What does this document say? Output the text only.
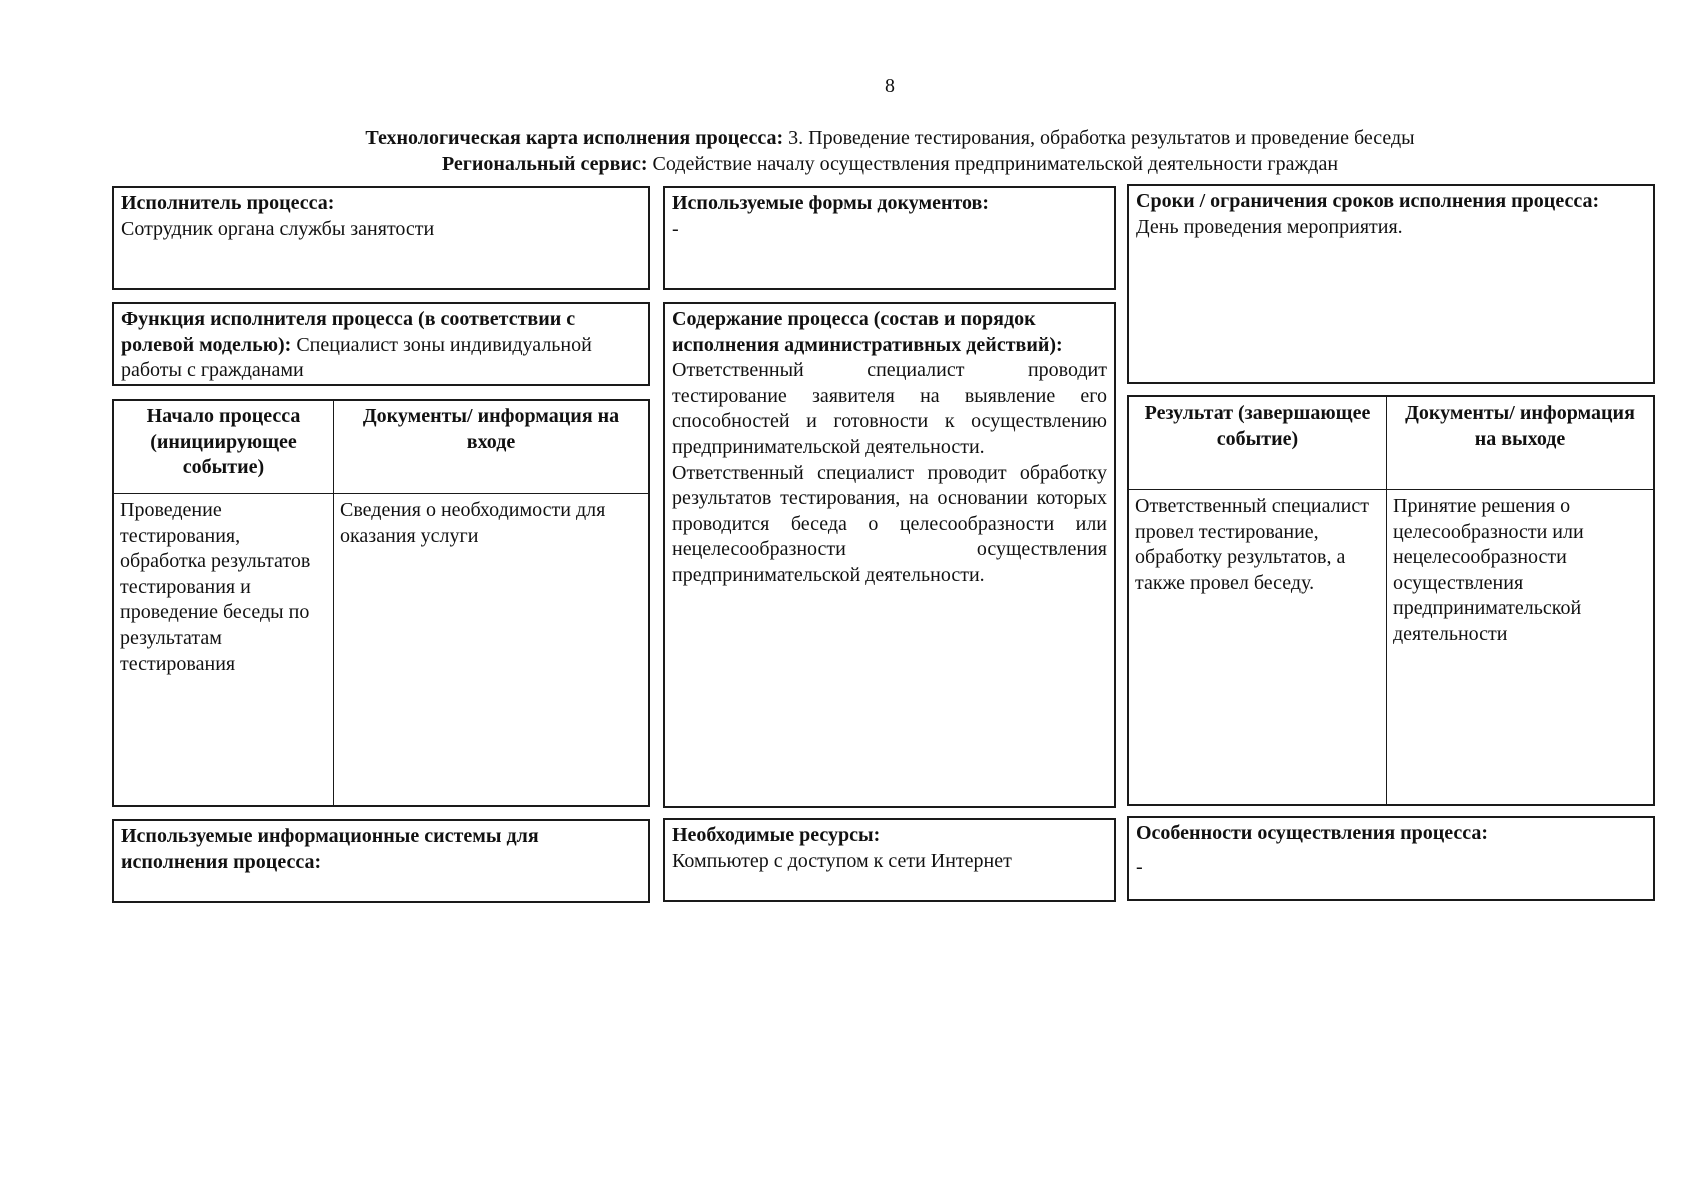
8
Технологическая карта исполнения процесса: 3. Проведение тестирования, обработка результатов и проведение беседы
Региональный сервис: Содействие началу осуществления предпринимательской деятельности граждан
Исполнитель процесса:
Сотрудник органа службы занятости
Используемые формы документов:
-
Сроки / ограничения сроков исполнения процесса:
День проведения мероприятия.
Функция исполнителя процесса (в соответствии с ролевой моделью): Специалист зоны индивидуальной работы с гражданами
Содержание процесса (состав и порядок исполнения административных действий):
Ответственный специалист проводит тестирование заявителя на выявление его способностей и готовности к осуществлению предпринимательской деятельности.
Ответственный специалист проводит обработку результатов тестирования, на основании которых проводится беседа о целесообразности или нецелесообразности осуществления предпринимательской деятельности.
Начало процесса (инициирующее событие)
Документы/ информация на входе
Проведение тестирования, обработка результатов тестирования и проведение беседы по результатам тестирования
Сведения о необходимости для оказания услуги
Результат (завершающее событие)
Документы/ информация на выходе
Ответственный специалист провел тестирование, обработку результатов, а также провел беседу.
Принятие решения о целесообразности или нецелесообразности осуществления предпринимательской деятельности
Используемые информационные системы для исполнения процесса:
Необходимые ресурсы:
Компьютер с доступом к сети Интернет
Особенности осуществления процесса:
-
